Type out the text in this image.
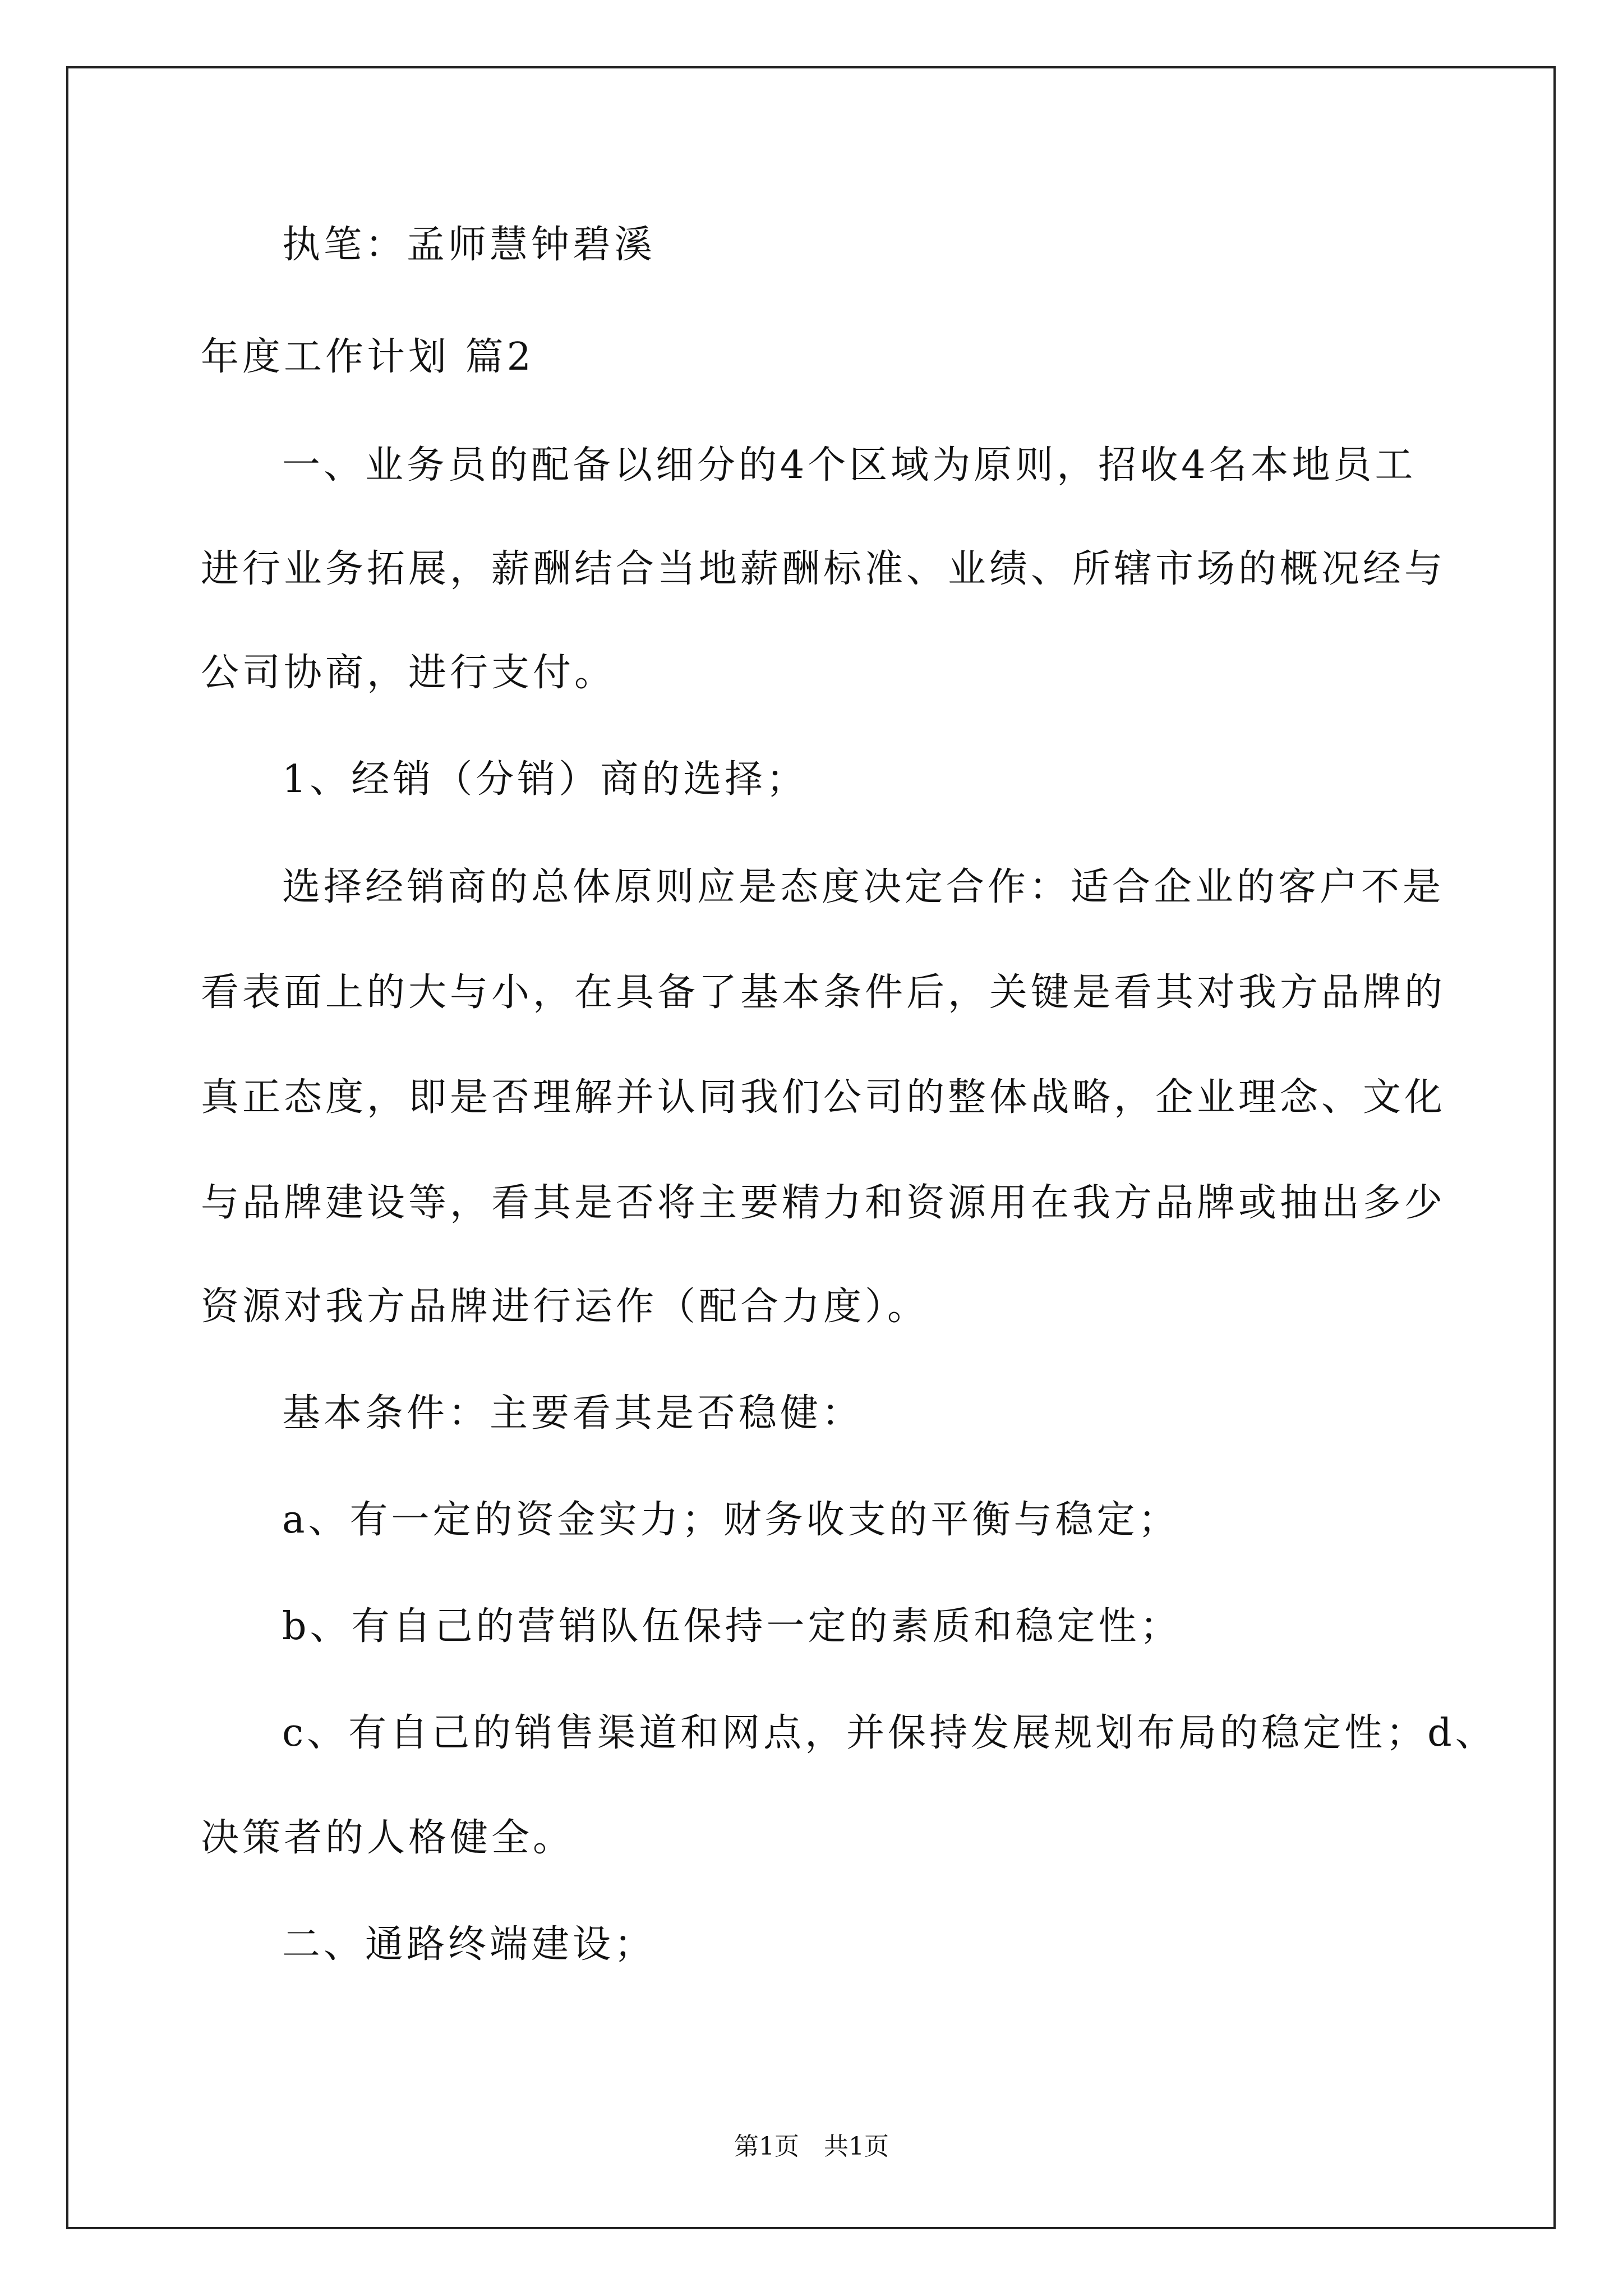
执笔：孟师慧钟碧溪
年度工作计划 篇2
一、业务员的配备以细分的4个区域为原则，招收4名本地员工
进行业务拓展，薪酬结合当地薪酬标准、业绩、所辖市场的概况经与
公司协商，进行支付。
1、经销（分销）商的选择；
选择经销商的总体原则应是态度决定合作：适合企业的客户不是
看表面上的大与小，在具备了基本条件后，关键是看其对我方品牌的
真正态度，即是否理解并认同我们公司的整体战略，企业理念、文化
与品牌建设等，看其是否将主要精力和资源用在我方品牌或抽出多少
资源对我方品牌进行运作（配合力度）。
基本条件：主要看其是否稳健：
a、有一定的资金实力；财务收支的平衡与稳定；
b、有自己的营销队伍保持一定的素质和稳定性；
c、有自己的销售渠道和网点，并保持发展规划布局的稳定性；d、
决策者的人格健全。
二、通路终端建设；
第1页　共1页
